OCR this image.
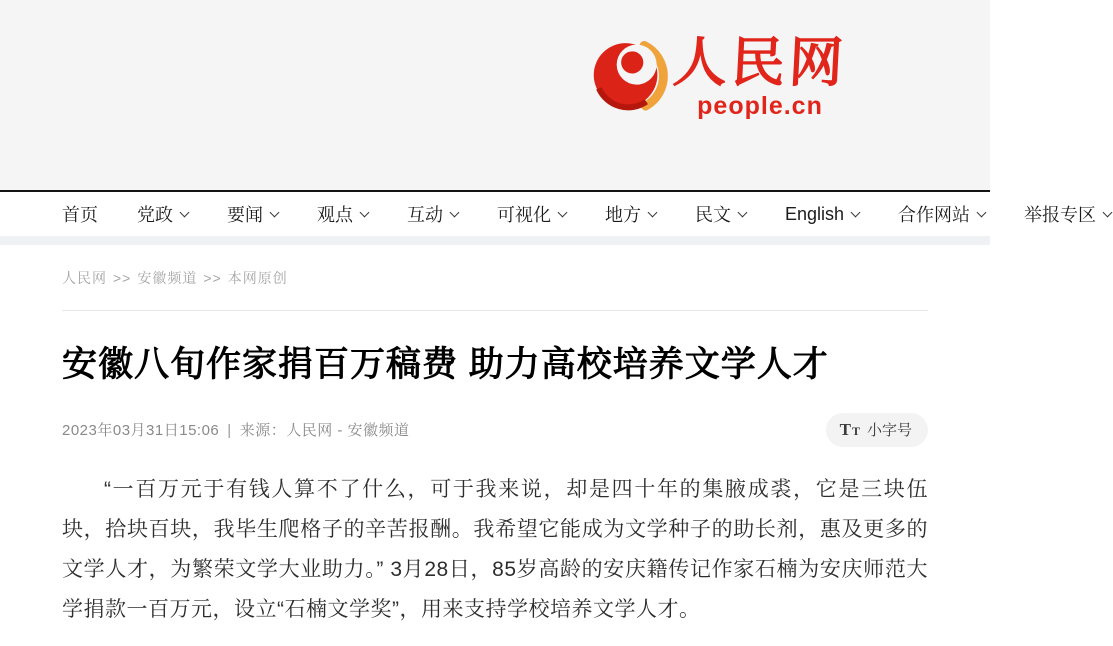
人民网
people.cn
首页 党政	要闻	观点	互动	可视化	地方	民文	English	合作网站	举报专区
人民网 >> 安徽频道 >> 本网原创
安徽八旬作家捐百万稿费 助力高校培养文学人才
2023年03月31日15:06 | 来源：人民网 - 安徽频道	T T 小字号

“一百万元于有钱人算不了什么，可于我来说，却是四十年的集腋成裘，它是三块伍块，拾块百块，我毕生爬格子的辛苦报酬。我希望它能成为文学种子的助长剂，惠及更多的文学人才，为繁荣文学大业助力。” 3月28日，85岁高龄的安庆籍传记作家石楠为安庆师范大学捐款一百万元，设立“石楠文学奖”，用来支持学校培养文学人才。
